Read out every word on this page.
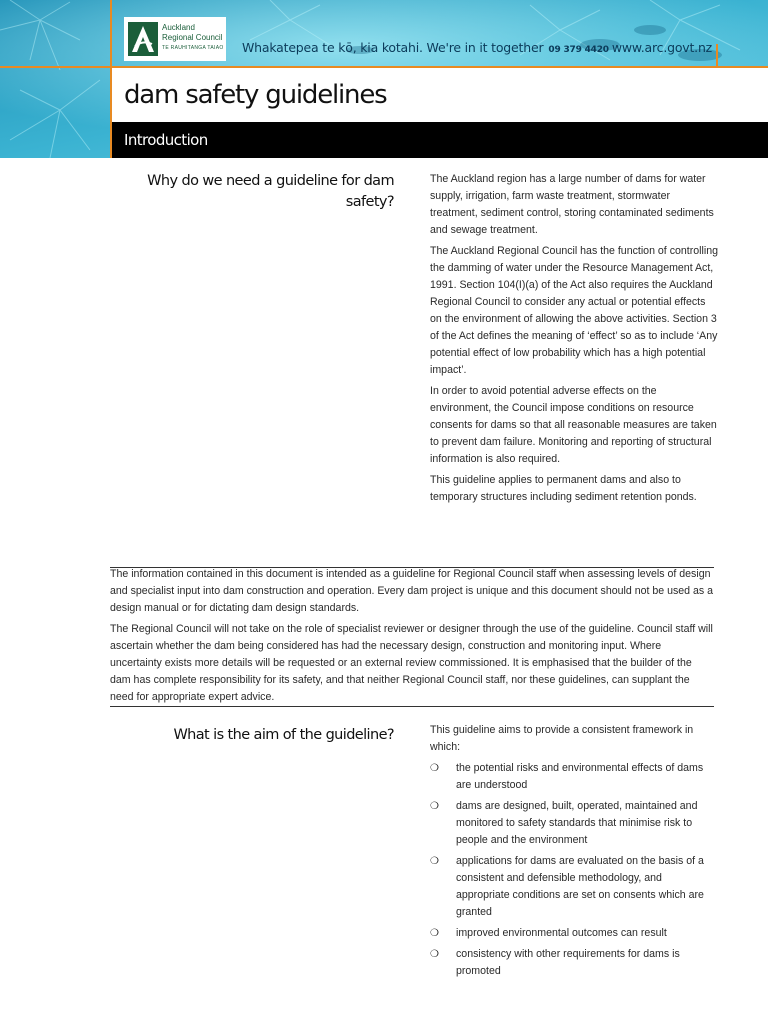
Auckland
Regional Council
TE RAUHITANGA TAIAO Whakatepea te kō, kia kotahi. We're in it together 09 379 4420 www.arc.govt.nz
dam safety guidelines
Introduction
Why do we need a guideline for dam safety?

The Auckland region has a large number of dams for water supply, irrigation, farm waste treatment, stormwater treatment, sediment control, storing contaminated sediments and sewage treatment.

The Auckland Regional Council has the function of controlling the damming of water under the Resource Management Act, 1991. Section 104(I)(a) of the Act also requires the Auckland Regional Council to consider any actual or potential effects on the environment of allowing the above activities. Section 3 of the Act defines the meaning of ‘effect’ so as to include ‘Any potential effect of low probability which has a high potential impact’.

In order to avoid potential adverse effects on the environment, the Council impose conditions on resource consents for dams so that all reasonable measures are taken to prevent dam failure. Monitoring and reporting of structural information is also required.

This guideline applies to permanent dams and also to temporary structures including sediment retention ponds.

The information contained in this document is intended as a guideline for Regional Council staff when assessing levels of design and specialist input into dam construction and operation. Every dam project is unique and this document should not be used as a design manual or for dictating dam design standards.

The Regional Council will not take on the role of specialist reviewer or designer through the use of the guideline. Council staff will ascertain whether the dam being considered has had the necessary design, construction and monitoring input. Where uncertainty exists more details will be requested or an external review commissioned. It is emphasised that the builder of the dam has complete responsibility for its safety, and that neither Regional Council staff, nor these guidelines, can supplant the need for appropriate expert advice.

What is the aim of the guideline?	This guideline aims to provide a consistent framework in which:

❍ the potential risks and environmental effects of dams are understood
❍ dams are designed, built, operated, maintained and monitored to safety standards that minimise risk to people and the environment
❍ applications for dams are evaluated on the basis of a consistent and defensible methodology, and appropriate conditions are set on consents which are granted
❍ improved environmental outcomes can result
❍ consistency with other requirements for dams is promoted
